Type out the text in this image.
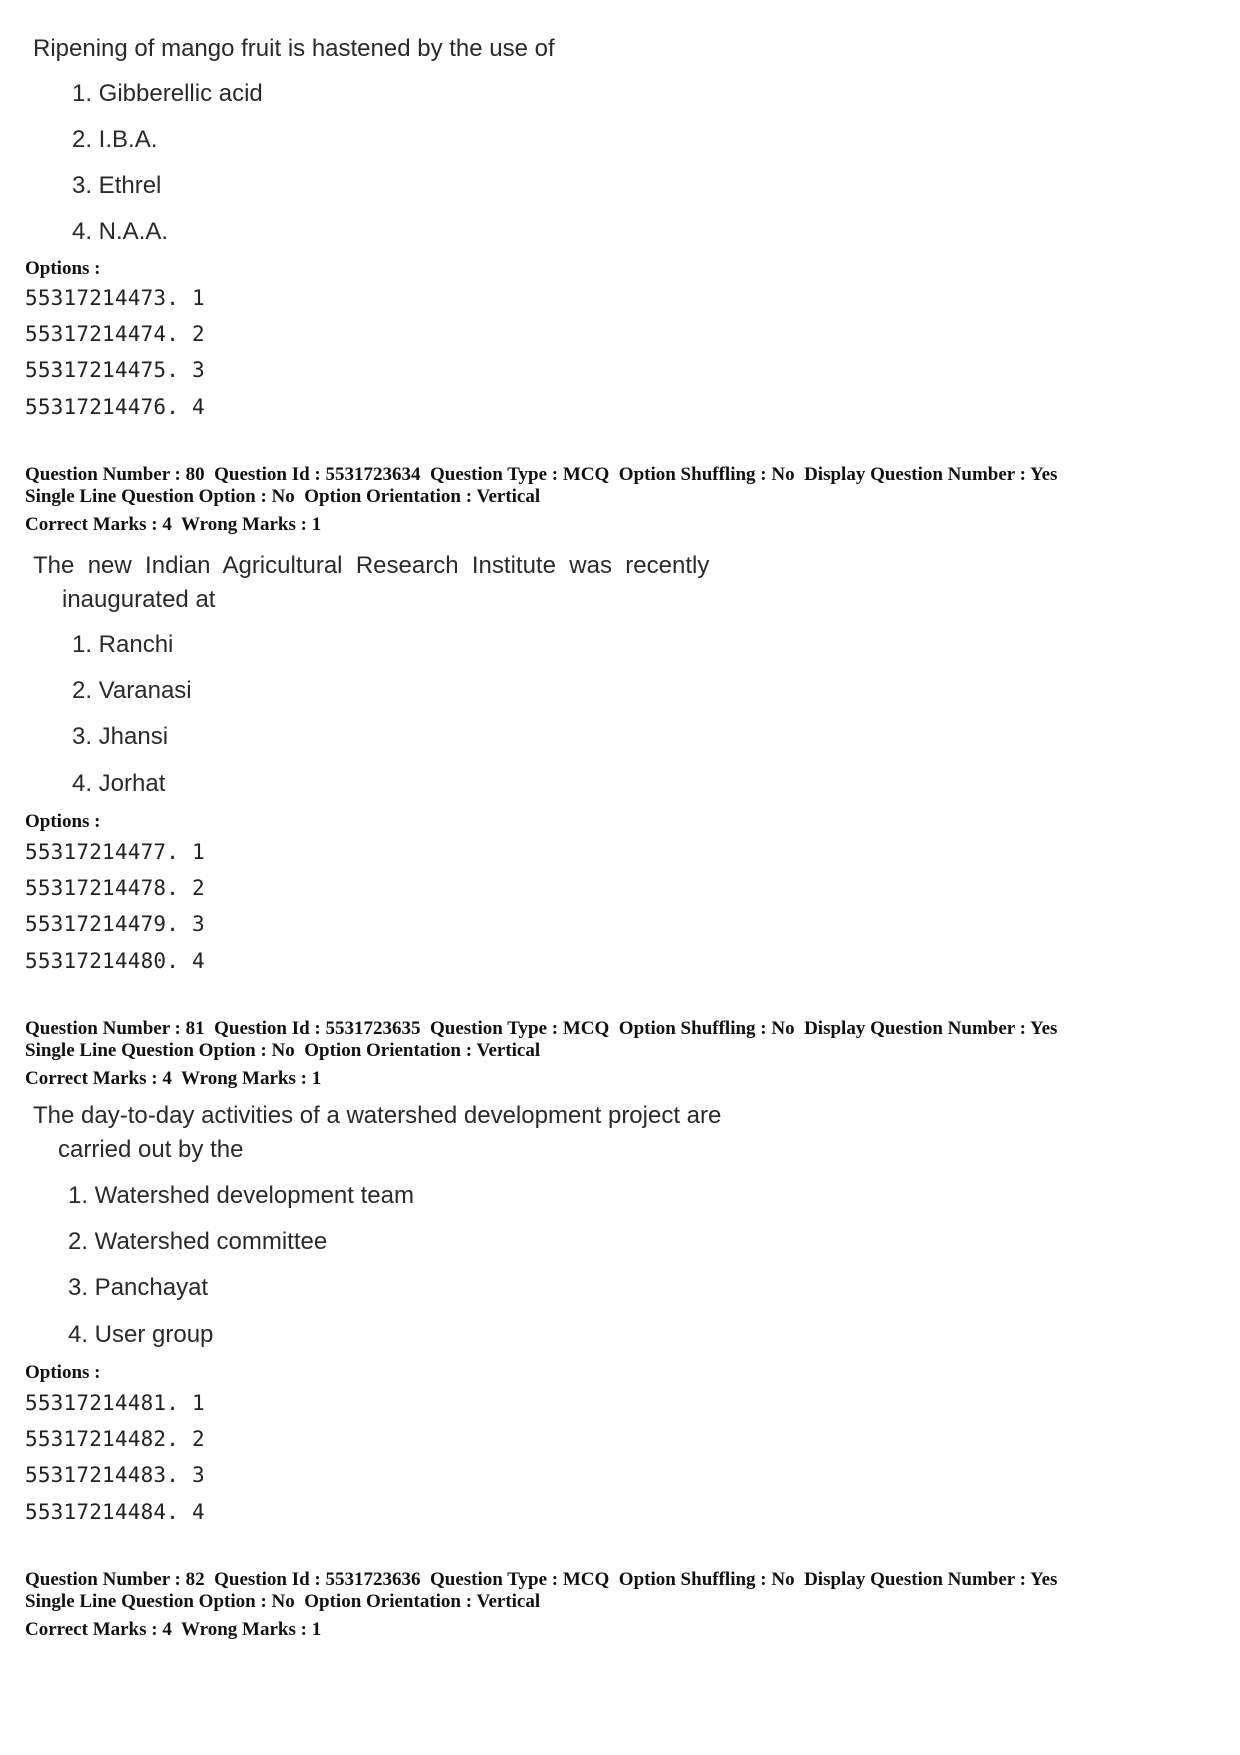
Ripening of mango fruit is hastened by the use of
1. Gibberellic acid
2. I.B.A.
3. Ethrel
4. N.A.A.
Options :
55317214473. 1
55317214474. 2
55317214475. 3
55317214476. 4
Question Number : 80  Question Id : 5531723634  Question Type : MCQ  Option Shuffling : No  Display Question Number : Yes
Single Line Question Option : No  Option Orientation : Vertical
Correct Marks : 4  Wrong Marks : 1
The  new  Indian  Agricultural  Research  Institute  was  recently
inaugurated at
1. Ranchi
2. Varanasi
3. Jhansi
4. Jorhat
Options :
55317214477. 1
55317214478. 2
55317214479. 3
55317214480. 4
Question Number : 81  Question Id : 5531723635  Question Type : MCQ  Option Shuffling : No  Display Question Number : Yes
Single Line Question Option : No  Option Orientation : Vertical
Correct Marks : 4  Wrong Marks : 1
The day-to-day activities of a watershed development project are
carried out by the
1. Watershed development team
2. Watershed committee
3. Panchayat
4. User group
Options :
55317214481. 1
55317214482. 2
55317214483. 3
55317214484. 4
Question Number : 82  Question Id : 5531723636  Question Type : MCQ  Option Shuffling : No  Display Question Number : Yes
Single Line Question Option : No  Option Orientation : Vertical
Correct Marks : 4  Wrong Marks : 1
